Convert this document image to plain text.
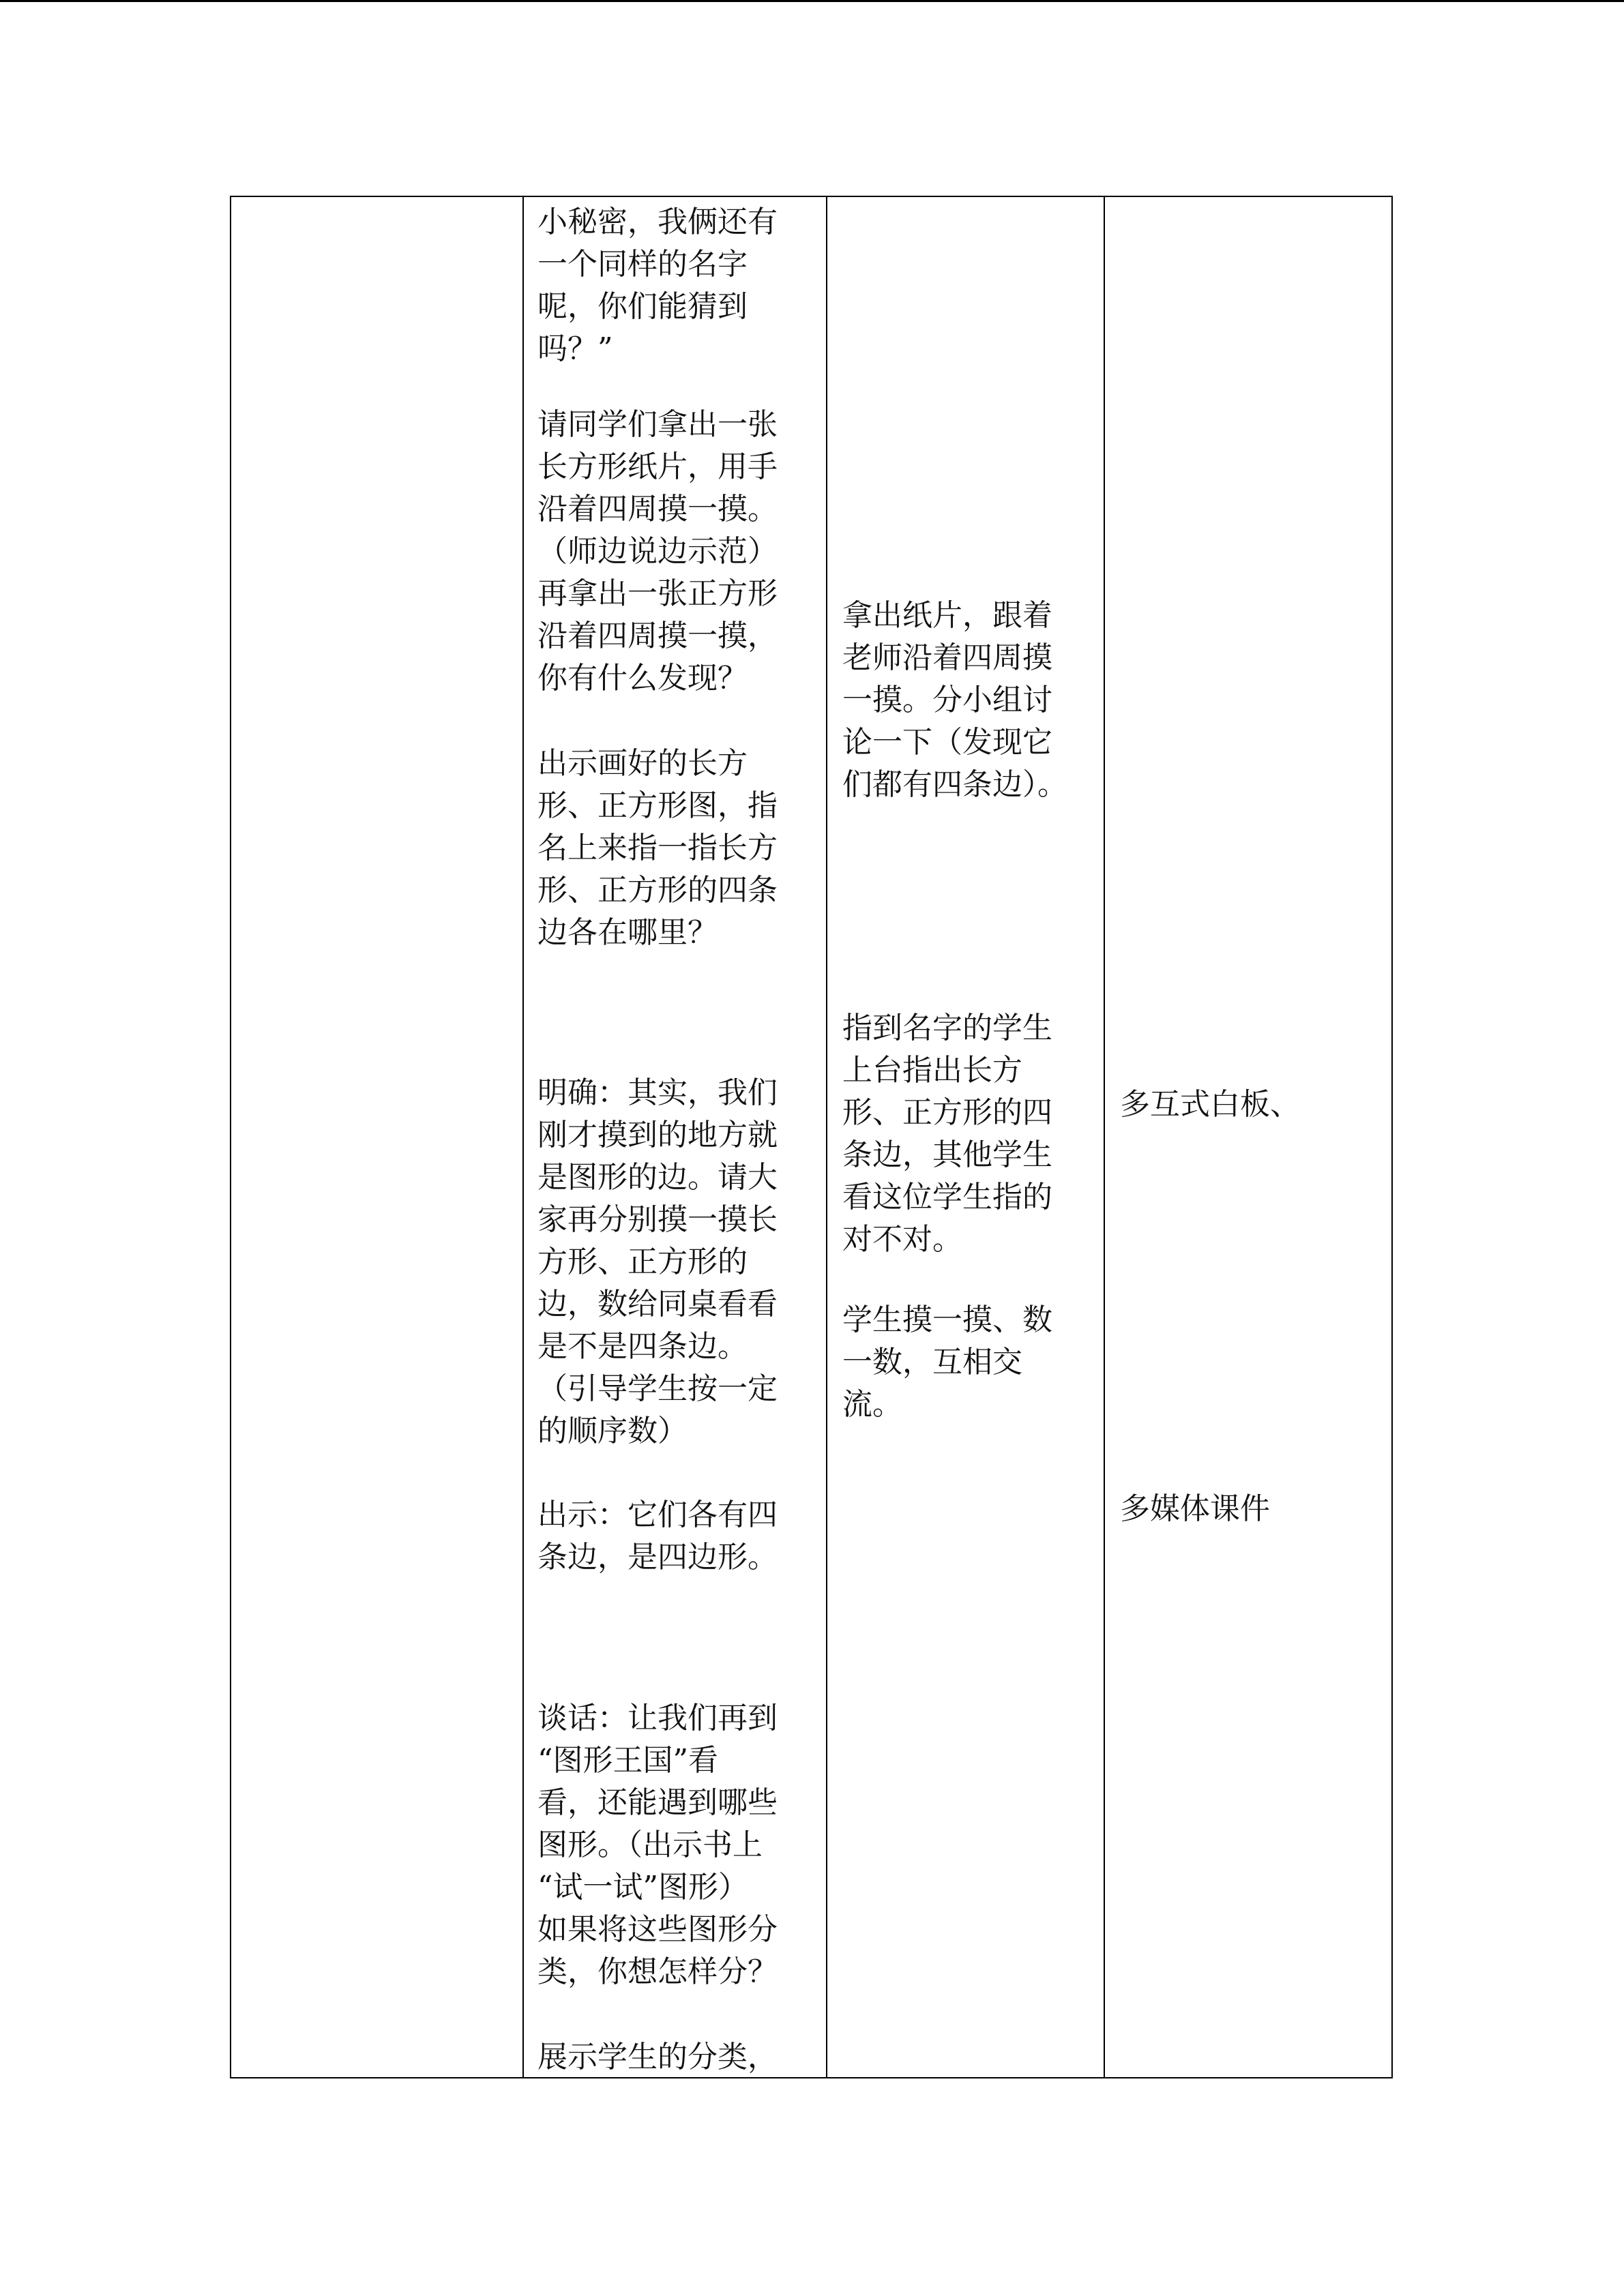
小秘密，我俩还有
一个同样的名字
呢，你们能猜到
吗？”

请同学们拿出一张
长方形纸片，用手
沿着四周摸一摸。
（师边说边示范）
再拿出一张正方形
沿着四周摸一摸，
你有什么发现？

出示画好的长方
形、正方形图，指
名上来指一指长方
形、正方形的四条
边各在哪里？

明确：其实，我们
刚才摸到的地方就
是图形的边。请大
家再分别摸一摸长
方形、正方形的
边，数给同桌看看
是不是四条边。
（引导学生按一定
的顺序数）

出示：它们各有四
条边，是四边形。

谈话：让我们再到
“图形王国”看
看，还能遇到哪些
图形。（出示书上
“试一试”图形）
如果将这些图形分
类，你想怎样分？

展示学生的分类，

拿出纸片，跟着
老师沿着四周摸
一摸。分小组讨
论一下（发现它
们都有四条边）。

指到名字的学生
上台指出长方
形、正方形的四
条边，其他学生
看这位学生指的
对不对。

学生摸一摸、数
一数，互相交
流。

多互式白板、

多媒体课件
